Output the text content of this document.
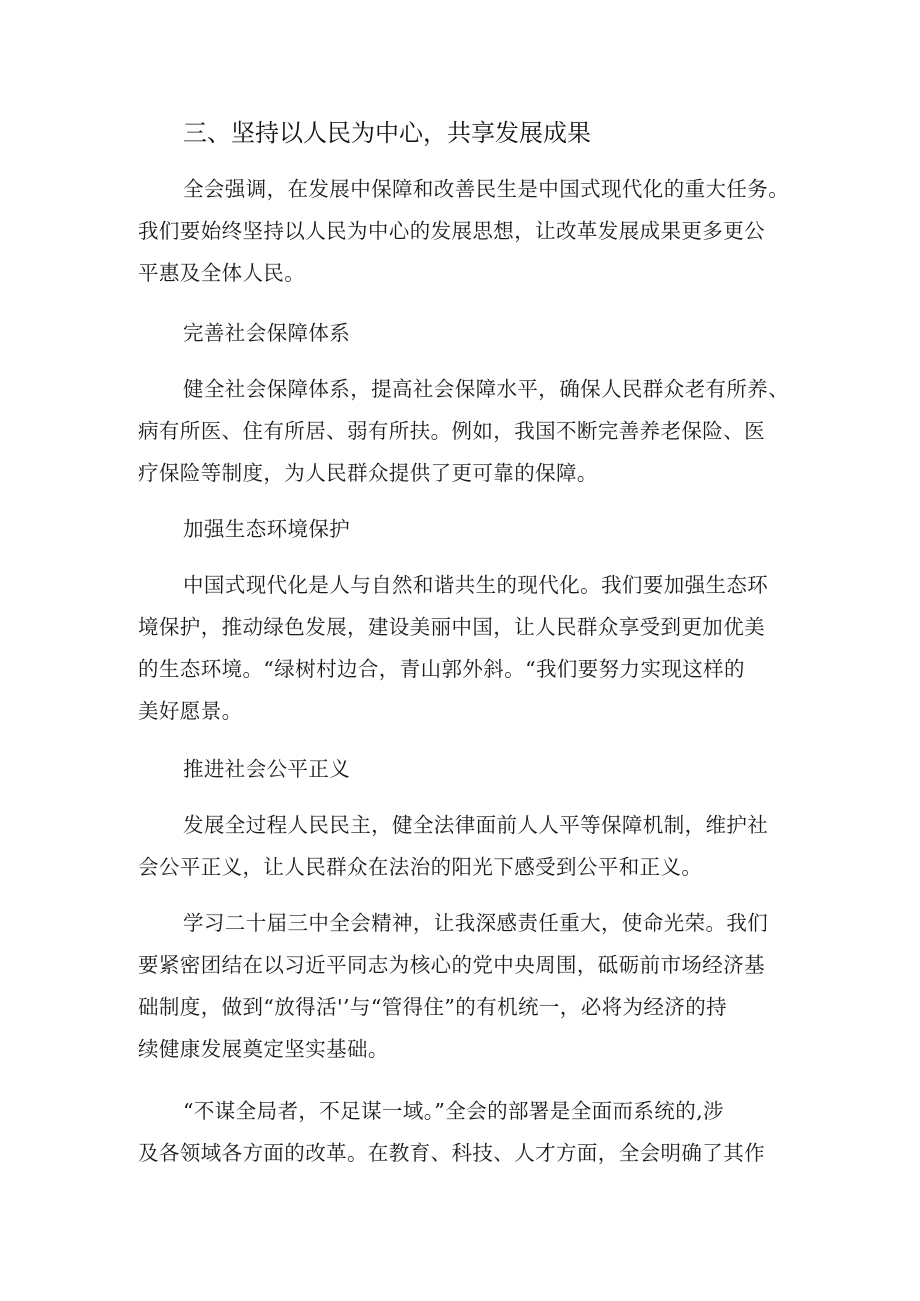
三、坚持以人民为中心，共享发展成果
全会强调，在发展中保障和改善民生是中国式现代化的重大任务。
我们要始终坚持以人民为中心的发展思想，让改革发展成果更多更公
平惠及全体人民。
完善社会保障体系
健全社会保障体系，提高社会保障水平，确保人民群众老有所养、
病有所医、住有所居、弱有所扶。例如，我国不断完善养老保险、医
疗保险等制度，为人民群众提供了更可靠的保障。
加强生态环境保护
中国式现代化是人与自然和谐共生的现代化。我们要加强生态环
境保护，推动绿色发展，建设美丽中国，让人民群众享受到更加优美
的生态环境。“绿树村边合，青山郭外斜。“我们要努力实现这样的
美好愿景。
推进社会公平正义
发展全过程人民民主，健全法律面前人人平等保障机制，维护社
会公平正义，让人民群众在法治的阳光下感受到公平和正义。
学习二十届三中全会精神，让我深感责任重大，使命光荣。我们
要紧密团结在以习近平同志为核心的党中央周围，砥砺前市场经济基
础制度，做到“放得活'’与“管得住”的有机统一，必将为经济的持
续健康发展奠定坚实基础。
“不谋全局者，不足谋一域。”全会的部署是全面而系统的,涉
及各领域各方面的改革。在教育、科技、人才方面，全会明确了其作
